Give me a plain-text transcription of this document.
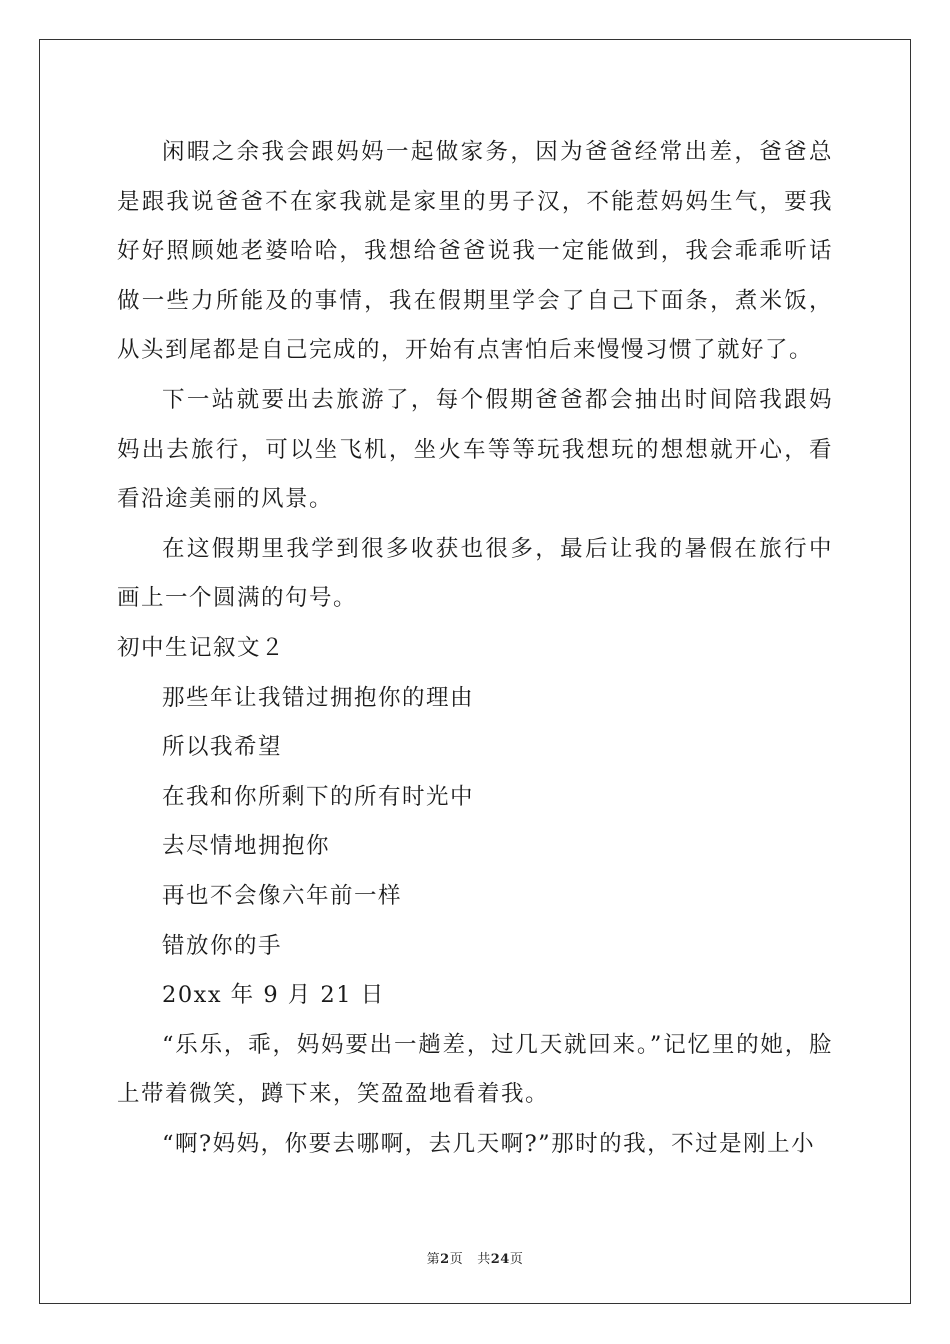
闲暇之余我会跟妈妈一起做家务，因为爸爸经常出差，爸爸总是跟我说爸爸不在家我就是家里的男子汉，不能惹妈妈生气，要我好好照顾她老婆哈哈，我想给爸爸说我一定能做到，我会乖乖听话做一些力所能及的事情，我在假期里学会了自己下面条，煮米饭，从头到尾都是自己完成的，开始有点害怕后来慢慢习惯了就好了。

下一站就要出去旅游了，每个假期爸爸都会抽出时间陪我跟妈妈出去旅行，可以坐飞机，坐火车等等玩我想玩的想想就开心，看看沿途美丽的风景。

在这假期里我学到很多收获也很多，最后让我的暑假在旅行中画上一个圆满的句号。

初中生记叙文２

那些年让我错过拥抱你的理由

所以我希望

在我和你所剩下的所有时光中

去尽情地拥抱你

再也不会像六年前一样

错放你的手

20xx 年 9 月 21 日

“乐乐，乖，妈妈要出一趟差，过几天就回来。”记忆里的她，脸上带着微笑，蹲下来，笑盈盈地看着我。

“啊?妈妈，你要去哪啊，去几天啊?”那时的我，不过是刚上小

第2页 共24页
